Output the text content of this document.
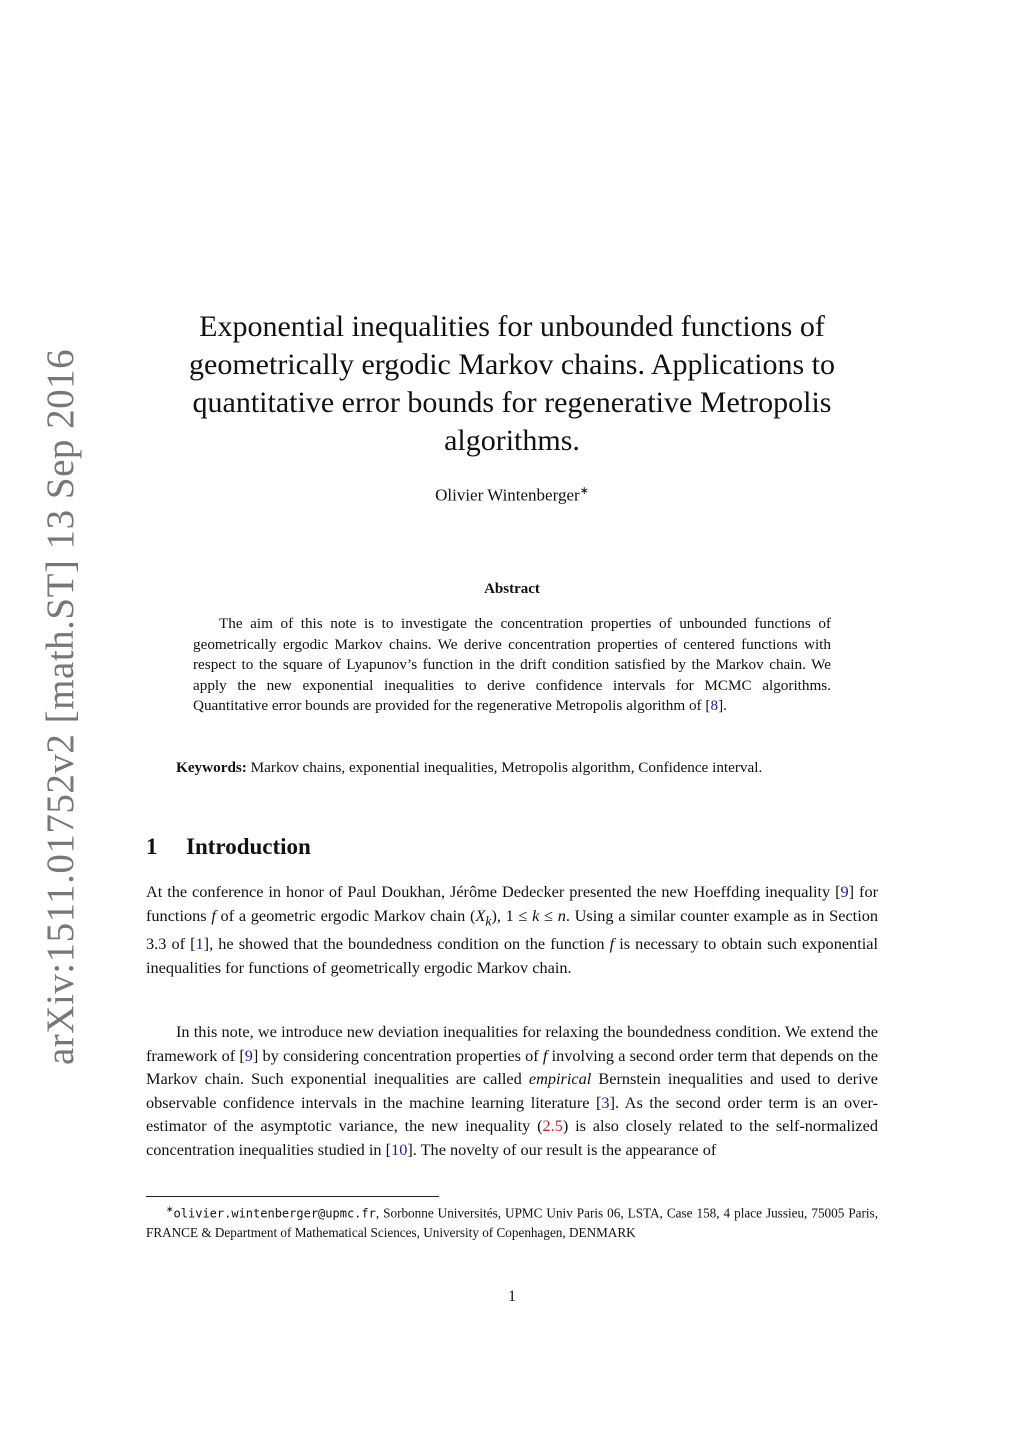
arXiv:1511.01752v2 [math.ST] 13 Sep 2016
Exponential inequalities for unbounded functions of geometrically ergodic Markov chains. Applications to quantitative error bounds for regenerative Metropolis algorithms.
Olivier Wintenberger∗
Abstract

The aim of this note is to investigate the concentration properties of unbounded functions of geometrically ergodic Markov chains. We derive concentration properties of centered functions with respect to the square of Lyapunov’s function in the drift condition satisfied by the Markov chain. We apply the new exponential inequalities to derive confidence intervals for MCMC algorithms. Quantitative error bounds are provided for the regenerative Metropolis algorithm of [8].

Keywords: Markov chains, exponential inequalities, Metropolis algorithm, Confidence interval.

1 Introduction

At the conference in honor of Paul Doukhan, Jérôme Dedecker presented the new Hoeffding inequality [9] for functions f of a geometric ergodic Markov chain $(X_k)$, 1 ≤ k ≤ n. Using a similar counter example as in Section 3.3 of [1], he showed that the boundedness condition on the function f is necessary to obtain such exponential inequalities for functions of geometrically ergodic Markov chain.

In this note, we introduce new deviation inequalities for relaxing the boundedness condition. We extend the framework of [9] by considering concentration properties of f involving a second order term that depends on the Markov chain. Such exponential inequalities are called empirical Bernstein inequalities and used to derive observable confidence intervals in the machine learning literature [3]. As the second order term is an over-estimator of the asymptotic variance, the new inequality (2.5) is also closely related to the self-normalized concentration inequalities studied in [10]. The novelty of our result is the appearance of

∗olivier.wintenberger@upmc.fr, Sorbonne Universités, UPMC Univ Paris 06, LSTA, Case 158, 4 place Jussieu, 75005 Paris, FRANCE & Department of Mathematical Sciences, University of Copenhagen, DENMARK

1
